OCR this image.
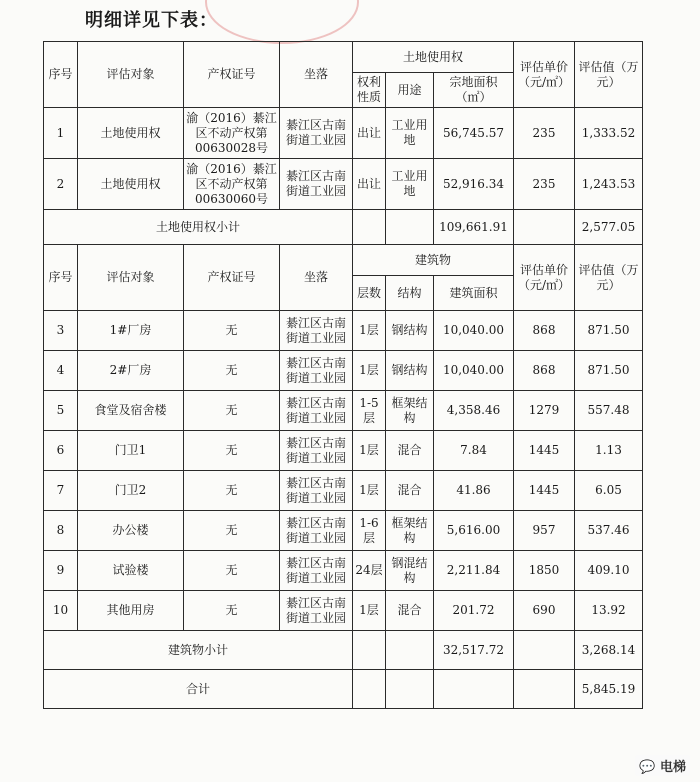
明细详见下表：
序号	评估对象	产权证号	坐落	土地使用权			评估单价（元/㎡）	评估值（万元）
				权利性质	用途	宗地面积（㎡）		
1	土地使用权	渝（2016）綦江区不动产权第00630028号	綦江区古南街道工业园	出让	工业用地	56,745.57	235	1,333.52
2	土地使用权	渝（2016）綦江区不动产权第00630060号	綦江区古南街道工业园	出让	工业用地	52,916.34	235	1,243.53
土地使用权小计						109,661.91		2,577.05
序号	评估对象	产权证号	坐落	建筑物			评估单价（元/㎡）	评估值（万元）
				层数	结构	建筑面积		
3	1#厂房	无	綦江区古南街道工业园	1层	钢结构	10,040.00	868	871.50
4	2#厂房	无	綦江区古南街道工业园	1层	钢结构	10,040.00	868	871.50
5	食堂及宿舍楼	无	綦江区古南街道工业园	1-5层	框架结构	4,358.46	1279	557.48
6	门卫1	无	綦江区古南街道工业园	1层	混合	7.84	1445	1.13
7	门卫2	无	綦江区古南街道工业园	1层	混合	41.86	1445	6.05
8	办公楼	无	綦江区古南街道工业园	1-6层	框架结构	5,616.00	957	537.46
9	试验楼	无	綦江区古南街道工业园	24层	钢混结构	2,211.84	1850	409.10
10	其他用房	无	綦江区古南街道工业园	1层	混合	201.72	690	13.92
建筑物小计						32,517.72		3,268.14
合计								5,845.19
💬 电梯
